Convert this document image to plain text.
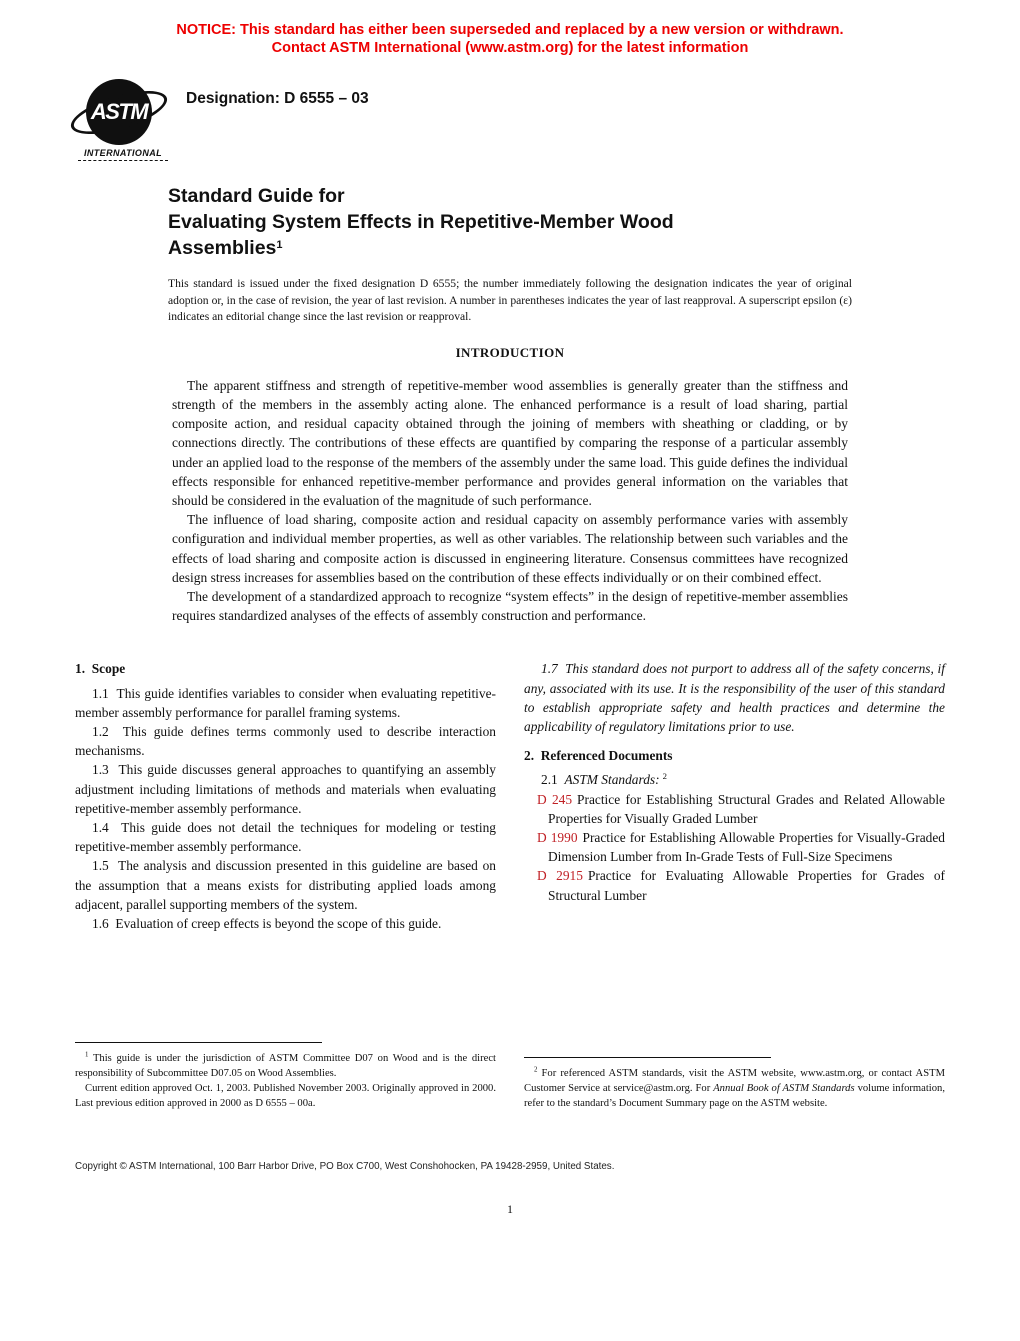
NOTICE: This standard has either been superseded and replaced by a new version or withdrawn.
Contact ASTM International (www.astm.org) for the latest information
ASTM
INTERNATIONAL
Designation: D 6555 – 03
Standard Guide for
Evaluating System Effects in Repetitive-Member Wood
Assemblies$^1$

This standard is issued under the fixed designation D 6555; the number immediately following the designation indicates the year of original adoption or, in the case of revision, the year of last revision. A number in parentheses indicates the year of last reapproval. A superscript epsilon (ε) indicates an editorial change since the last revision or reapproval.

INTRODUCTION

The apparent stiffness and strength of repetitive-member wood assemblies is generally greater than the stiffness and strength of the members in the assembly acting alone. The enhanced performance is a result of load sharing, partial composite action, and residual capacity obtained through the joining of members with sheathing or cladding, or by connections directly. The contributions of these effects are quantified by comparing the response of a particular assembly under an applied load to the response of the members of the assembly under the same load. This guide defines the individual effects responsible for enhanced repetitive-member performance and provides general information on the variables that should be considered in the evaluation of the magnitude of such performance.

The influence of load sharing, composite action and residual capacity on assembly performance varies with assembly configuration and individual member properties, as well as other variables. The relationship between such variables and the effects of load sharing and composite action is discussed in engineering literature. Consensus committees have recognized design stress increases for assemblies based on the contribution of these effects individually or on their combined effect.

The development of a standardized approach to recognize “system effects” in the design of repetitive-member assemblies requires standardized analyses of the effects of assembly construction and performance.

1.  Scope

1.1  This guide identifies variables to consider when evaluating repetitive-member assembly performance for parallel framing systems.

1.2  This guide defines terms commonly used to describe interaction mechanisms.

1.3  This guide discusses general approaches to quantifying an assembly adjustment including limitations of methods and materials when evaluating repetitive-member assembly performance.

1.4  This guide does not detail the techniques for modeling or testing repetitive-member assembly performance.

1.5  The analysis and discussion presented in this guideline are based on the assumption that a means exists for distributing applied loads among adjacent, parallel supporting members of the system.

1.6  Evaluation of creep effects is beyond the scope of this guide.

$^1$ This guide is under the jurisdiction of ASTM Committee D07 on Wood and is the direct responsibility of Subcommittee D07.05 on Wood Assemblies.

Current edition approved Oct. 1, 2003. Published November 2003. Originally approved in 2000. Last previous edition approved in 2000 as D 6555 – 00a.

1.7  This standard does not purport to address all of the safety concerns, if any, associated with its use. It is the responsibility of the user of this standard to establish appropriate safety and health practices and determine the applicability of regulatory limitations prior to use.

2.  Referenced Documents

2.1 ASTM Standards: $^2$

D 245 Practice for Establishing Structural Grades and Related Allowable Properties for Visually Graded Lumber

D 1990 Practice for Establishing Allowable Properties for Visually-Graded Dimension Lumber from In-Grade Tests of Full-Size Specimens

D 2915 Practice for Evaluating Allowable Properties for Grades of Structural Lumber

$^2$ For referenced ASTM standards, visit the ASTM website, www.astm.org, or contact ASTM Customer Service at service@astm.org. For Annual Book of ASTM Standards volume information, refer to the standard’s Document Summary page on the ASTM website.

Copyright © ASTM International, 100 Barr Harbor Drive, PO Box C700, West Conshohocken, PA 19428-2959, United States.
1
